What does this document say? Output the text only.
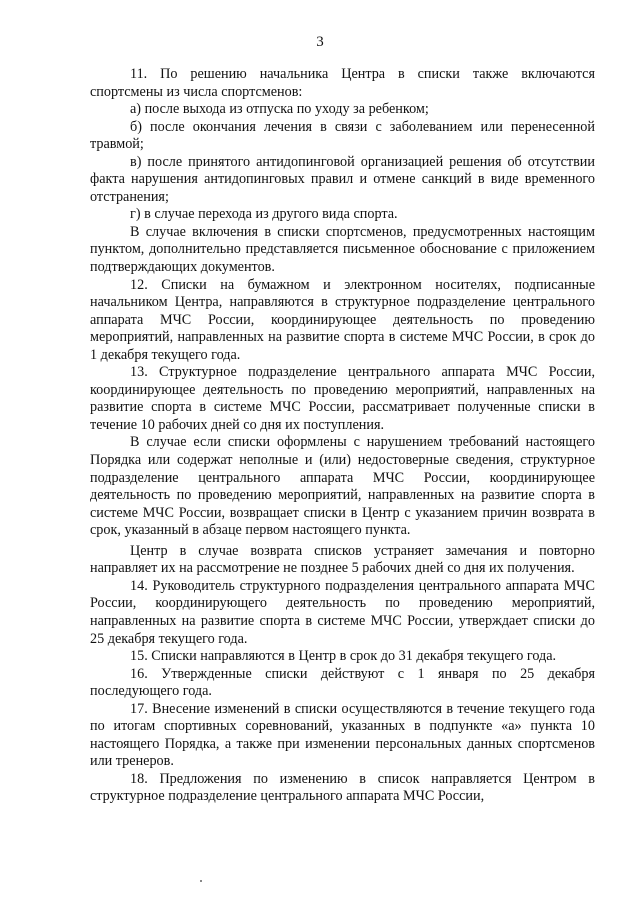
3

11. По решению начальника Центра в списки также включаются спортсмены из числа спортсменов:

а) после выхода из отпуска по уходу за ребенком;

б) после окончания лечения в связи с заболеванием или перенесенной травмой;

в) после принятого антидопинговой организацией решения об отсутствии факта нарушения антидопинговых правил и отмене санкций в виде временного отстранения;

г) в случае перехода из другого вида спорта.

В случае включения в списки спортсменов, предусмотренных настоящим пунктом, дополнительно представляется письменное обоснование с приложением подтверждающих документов.

12. Списки на бумажном и электронном носителях, подписанные начальником Центра, направляются в структурное подразделение центрального аппарата МЧС России, координирующее деятельность по проведению мероприятий, направленных на развитие спорта в системе МЧС России, в срок до 1 декабря текущего года.

13. Структурное подразделение центрального аппарата МЧС России, координирующее деятельность по проведению мероприятий, направленных на развитие спорта в системе МЧС России, рассматривает полученные списки в течение 10 рабочих дней со дня их поступления.

В случае если списки оформлены с нарушением требований настоящего Порядка или содержат неполные и (или) недостоверные сведения, структурное подразделение центрального аппарата МЧС России, координирующее деятельность по проведению мероприятий, направленных на развитие спорта в системе МЧС России, возвращает списки в Центр с указанием причин возврата в срок, указанный в абзаце первом настоящего пункта.

Центр в случае возврата списков устраняет замечания и повторно направляет их на рассмотрение не позднее 5 рабочих дней со дня их получения.

14. Руководитель структурного подразделения центрального аппарата МЧС России, координирующего деятельность по проведению мероприятий, направленных на развитие спорта в системе МЧС России, утверждает списки до 25 декабря текущего года.

15. Списки направляются в Центр в срок до 31 декабря текущего года.

16. Утвержденные списки действуют с 1 января по 25 декабря последующего года.

17. Внесение изменений в списки осуществляются в течение текущего года по итогам спортивных соревнований, указанных в подпункте «а» пункта 10 настоящего Порядка, а также при изменении персональных данных спортсменов или тренеров.

18. Предложения по изменению в список направляется Центром в структурное подразделение центрального аппарата МЧС России,
